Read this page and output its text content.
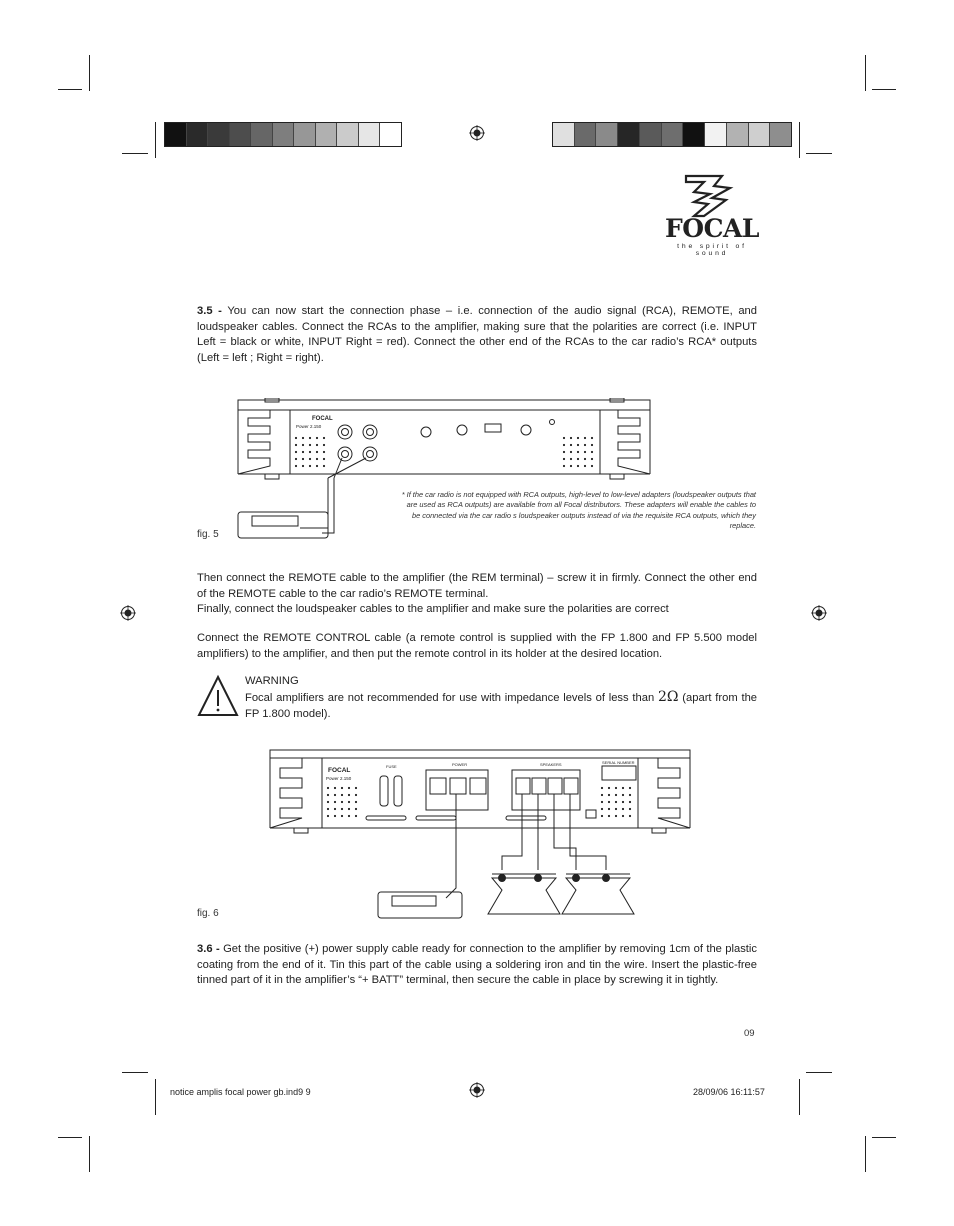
FOCAL
the spirit of sound

3.5 - You can now start the connection phase – i.e. connection of the audio signal (RCA), REMOTE, and loudspeaker cables. Connect the RCAs to the amplifier, making sure that the polarities are correct (i.e. INPUT Left = black or white, INPUT Right = red). Connect the other end of the RCAs to the car radio’s RCA* outputs (Left = left ; Right = right).

FOCAL
Power 2.150
fig. 5
* If the car radio is not equipped with RCA outputs, high-level to low-level adapters (loudspeaker outputs that are used as RCA outputs) are available from all Focal distributors. These adapters will enable the cables to be connected via the car radio s loudspeaker outputs instead of via the requisite RCA outputs, which they replace.

Then connect the REMOTE cable to the amplifier (the REM terminal) – screw it in firmly. Connect the other end of the REMOTE cable to the car radio’s REMOTE terminal.
Finally, connect the loudspeaker cables to the amplifier and make sure the polarities are correct

Connect the REMOTE CONTROL cable (a remote control is supplied with the FP 1.800 and FP 5.500 model amplifiers) to the amplifier, and then put the remote control in its holder at the desired location.

WARNING

Focal amplifiers are not recommended for use with impedance levels of less than 2Ω (apart from the FP 1.800 model).

FOCAL
Power 2.150
FUSE	POWER	SPEAKERS	SERIAL NUMBER
fig. 6

3.6 - Get the positive (+) power supply cable ready for connection to the amplifier by removing 1cm of the plastic coating from the end of it. Tin this part of the cable using a soldering iron and tin the wire. Insert the plastic-free tinned part of it in the amplifier’s “+ BATT” terminal, then secure the cable in place by screwing it in tightly.

09
notice amplis focal power gb.ind9 9	28/09/06 16:11:57
